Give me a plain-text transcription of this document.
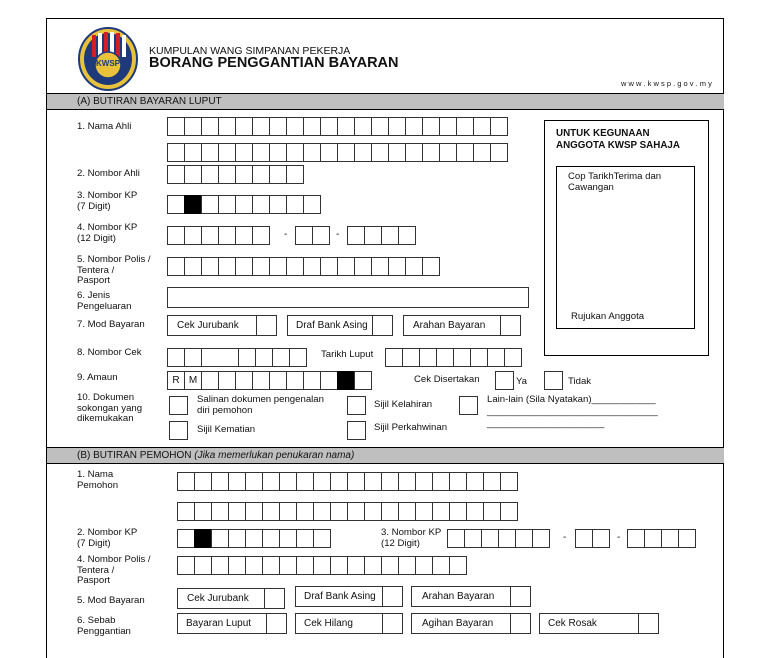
KWSP
KUMPULAN WANG SIMPANAN PEKERJA
BORANG PENGGANTIAN BAYARAN
w w w . k w s p . g o v . m y
(A) BUTIRAN BAYARAN LUPUT
1. Nama Ahli
2. Nombor Ahli
3. Nombor KP
(7 Digit)
4. Nombor KP
(12 Digit)	-	-
5. Nombor Polis /
Tentera /
Pasport
6. Jenis
Pengeluaran
7. Mod Bayaran	Cek Jurubank	Draf Bank Asing	Arahan Bayaran
8. Nombor Cek	Tarikh Luput
9. Amaun	R M	Cek Disertakan	Ya	Tidak
10. Dokumen
sokongan yang
dikemukakan
Salinan dokumen pengenalan
diri pemohon	Sijil Kelahiran	Lain-lain (Sila Nyatakan)____________
________________________________
______________________
Sijil Kematian	Sijil Perkahwinan
UNTUK KEGUNAAN
ANGGOTA KWSP SAHAJA
Cop TarikhTerima dan
Cawangan
Rujukan Anggota
(B) BUTIRAN PEMOHON (Jika memerlukan penukaran nama)
1. Nama
Pemohon
2. Nombor KP
(7 Digit)
3. Nombor KP
(12 Digit)	-	-
4. Nombor Polis /
Tentera /
Pasport
5. Mod Bayaran	Cek Jurubank	Draf Bank Asing	Arahan Bayaran
6. Sebab
Penggantian
Bayaran Luput	Cek Hilang	Agihan Bayaran	Cek Rosak
